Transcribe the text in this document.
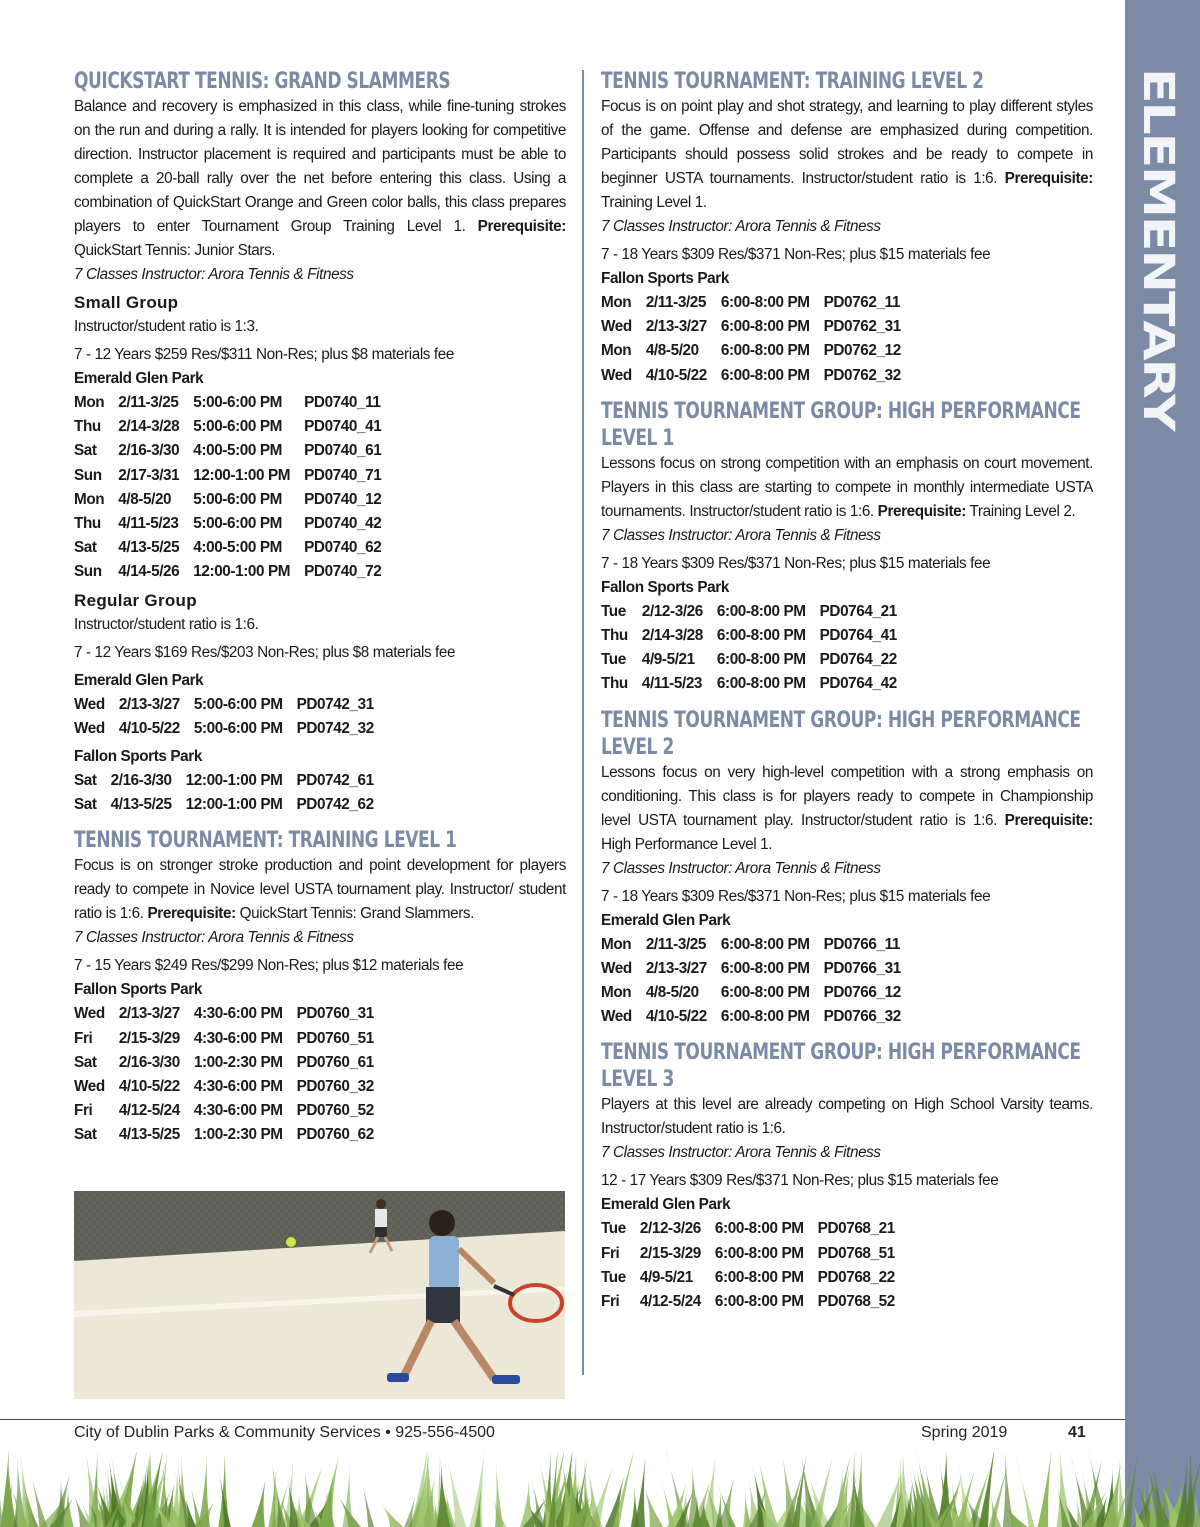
ELEMENTARY
QUICKSTART TENNIS: GRAND SLAMMERS

Balance and recovery is emphasized in this class, while fine-tuning strokes on the run and during a rally. It is intended for players looking for competitive direction. Instructor placement is required and participants must be able to complete a 20-ball rally over the net before entering this class. Using a combination of QuickStart Orange and Green color balls, this class prepares players to enter Tournament Group Training Level 1. Prerequisite: QuickStart Tennis: Junior Stars.

7 Classes Instructor: Arora Tennis & Fitness

Small Group

Instructor/student ratio is 1:3.

7 - 12 Years $259 Res/$311 Non-Res; plus $8 materials fee

Emerald Glen Park

Mon	2/11-3/25	5:00-6:00 PM	PD0740_11
Thu	2/14-3/28	5:00-6:00 PM	PD0740_41
Sat	2/16-3/30	4:00-5:00 PM	PD0740_61
Sun	2/17-3/31	12:00-1:00 PM	PD0740_71
Mon	4/8-5/20	5:00-6:00 PM	PD0740_12
Thu	4/11-5/23	5:00-6:00 PM	PD0740_42
Sat	4/13-5/25	4:00-5:00 PM	PD0740_62
Sun	4/14-5/26	12:00-1:00 PM	PD0740_72

Regular Group

Instructor/student ratio is 1:6.

7 - 12 Years $169 Res/$203 Non-Res; plus $8 materials fee

Emerald Glen Park

Wed	2/13-3/27	5:00-6:00 PM	PD0742_31
Wed	4/10-5/22	5:00-6:00 PM	PD0742_32

Fallon Sports Park

Sat	2/16-3/30	12:00-1:00 PM	PD0742_61
Sat	4/13-5/25	12:00-1:00 PM	PD0742_62
TENNIS TOURNAMENT: TRAINING LEVEL 1

Focus is on stronger stroke production and point development for players ready to compete in Novice level USTA tournament play. Instructor/ student ratio is 1:6. Prerequisite: QuickStart Tennis: Grand Slammers.

7 Classes Instructor: Arora Tennis & Fitness

7 - 15 Years $249 Res/$299 Non-Res; plus $12 materials fee

Fallon Sports Park

Wed	2/13-3/27	4:30-6:00 PM	PD0760_31
Fri	2/15-3/29	4:30-6:00 PM	PD0760_51
Sat	2/16-3/30	1:00-2:30 PM	PD0760_61
Wed	4/10-5/22	4:30-6:00 PM	PD0760_32
Fri	4/12-5/24	4:30-6:00 PM	PD0760_52
Sat	4/13-5/25	1:00-2:30 PM	PD0760_62
TENNIS TOURNAMENT: TRAINING LEVEL 2

Focus is on point play and shot strategy, and learning to play different styles of the game. Offense and defense are emphasized during competition. Participants should possess solid strokes and be ready to compete in beginner USTA tournaments. Instructor/student ratio is 1:6. Prerequisite: Training Level 1.

7 Classes Instructor: Arora Tennis & Fitness

7 - 18 Years $309 Res/$371 Non-Res; plus $15 materials fee

Fallon Sports Park

Mon	2/11-3/25	6:00-8:00 PM	PD0762_11
Wed	2/13-3/27	6:00-8:00 PM	PD0762_31
Mon	4/8-5/20	6:00-8:00 PM	PD0762_12
Wed	4/10-5/22	6:00-8:00 PM	PD0762_32
TENNIS TOURNAMENT GROUP: HIGH PERFORMANCE LEVEL 1

Lessons focus on strong competition with an emphasis on court movement. Players in this class are starting to compete in monthly intermediate USTA tournaments. Instructor/student ratio is 1:6. Prerequisite: Training Level 2.

7 Classes Instructor: Arora Tennis & Fitness

7 - 18 Years $309 Res/$371 Non-Res; plus $15 materials fee

Fallon Sports Park

Tue	2/12-3/26	6:00-8:00 PM	PD0764_21
Thu	2/14-3/28	6:00-8:00 PM	PD0764_41
Tue	4/9-5/21	6:00-8:00 PM	PD0764_22
Thu	4/11-5/23	6:00-8:00 PM	PD0764_42
TENNIS TOURNAMENT GROUP: HIGH PERFORMANCE LEVEL 2

Lessons focus on very high-level competition with a strong emphasis on conditioning. This class is for players ready to compete in Championship level USTA tournament play. Instructor/student ratio is 1:6. Prerequisite: High Performance Level 1.

7 Classes Instructor: Arora Tennis & Fitness

7 - 18 Years $309 Res/$371 Non-Res; plus $15 materials fee

Emerald Glen Park

Mon	2/11-3/25	6:00-8:00 PM	PD0766_11
Wed	2/13-3/27	6:00-8:00 PM	PD0766_31
Mon	4/8-5/20	6:00-8:00 PM	PD0766_12
Wed	4/10-5/22	6:00-8:00 PM	PD0766_32
TENNIS TOURNAMENT GROUP: HIGH PERFORMANCE LEVEL 3

Players at this level are already competing on High School Varsity teams. Instructor/student ratio is 1:6.

7 Classes Instructor: Arora Tennis & Fitness

12 - 17 Years $309 Res/$371 Non-Res; plus $15 materials fee

Emerald Glen Park

Tue	2/12-3/26	6:00-8:00 PM	PD0768_21
Fri	2/15-3/29	6:00-8:00 PM	PD0768_51
Tue	4/9-5/21	6:00-8:00 PM	PD0768_22
Fri	4/12-5/24	6:00-8:00 PM	PD0768_52
City of Dublin Parks & Community Services • 925-556-4500	Spring 2019	41
